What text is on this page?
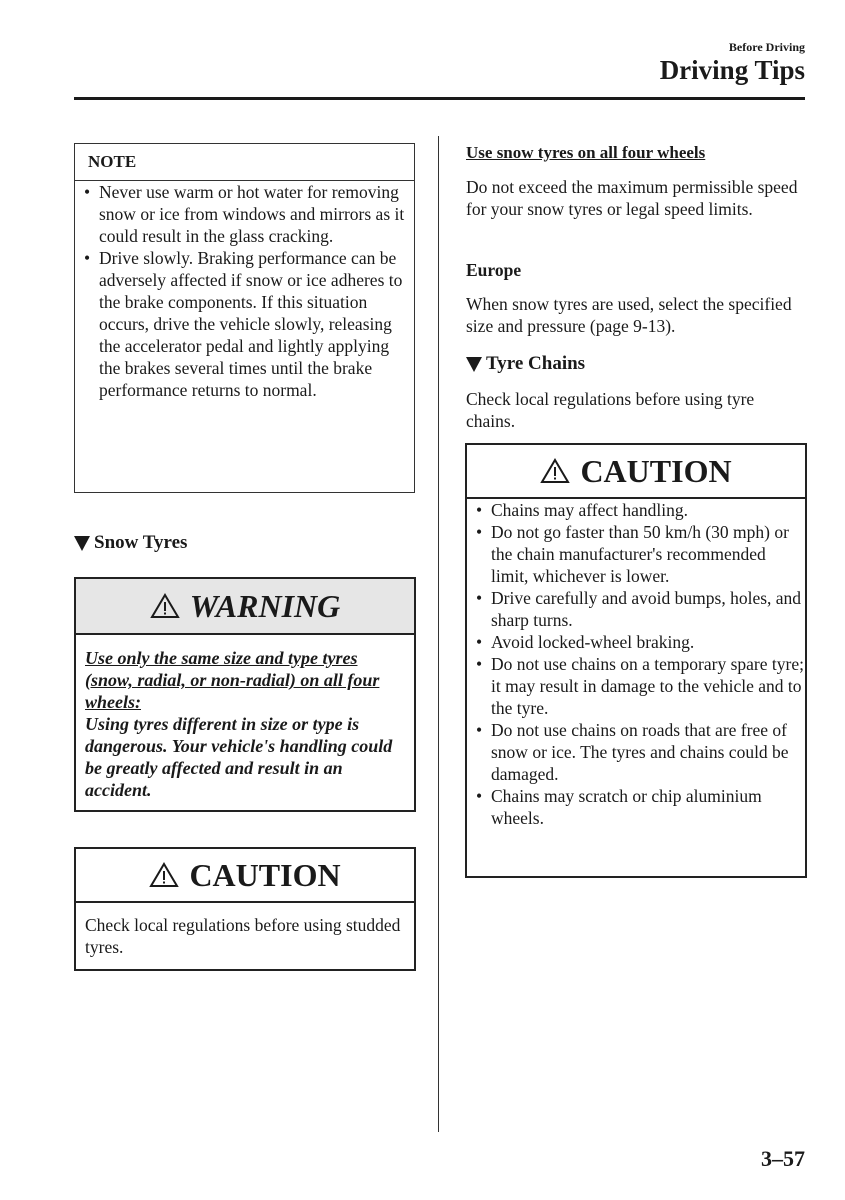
Before Driving
Driving Tips
NOTE
• Never use warm or hot water for removing snow or ice from windows and mirrors as it could result in the glass cracking.
• Drive slowly. Braking performance can be adversely affected if snow or ice adheres to the brake components. If this situation occurs, drive the vehicle slowly, releasing the accelerator pedal and lightly applying the brakes several times until the brake performance returns to normal.
Snow Tyres
WARNING
Use only the same size and type tyres (snow, radial, or non-radial) on all four wheels:
Using tyres different in size or type is dangerous. Your vehicle's handling could be greatly affected and result in an accident.
CAUTION
Check local regulations before using studded tyres.
Use snow tyres on all four wheels
Do not exceed the maximum permissible speed for your snow tyres or legal speed limits.
Europe
When snow tyres are used, select the specified size and pressure (page 9-13).
Tyre Chains
Check local regulations before using tyre chains.
CAUTION
• Chains may affect handling.
• Do not go faster than 50 km/h (30 mph) or the chain manufacturer's recommended limit, whichever is lower.
• Drive carefully and avoid bumps, holes, and sharp turns.
• Avoid locked-wheel braking.
• Do not use chains on a temporary spare tyre; it may result in damage to the vehicle and to the tyre.
• Do not use chains on roads that are free of snow or ice. The tyres and chains could be damaged.
• Chains may scratch or chip aluminium wheels.
3–57
